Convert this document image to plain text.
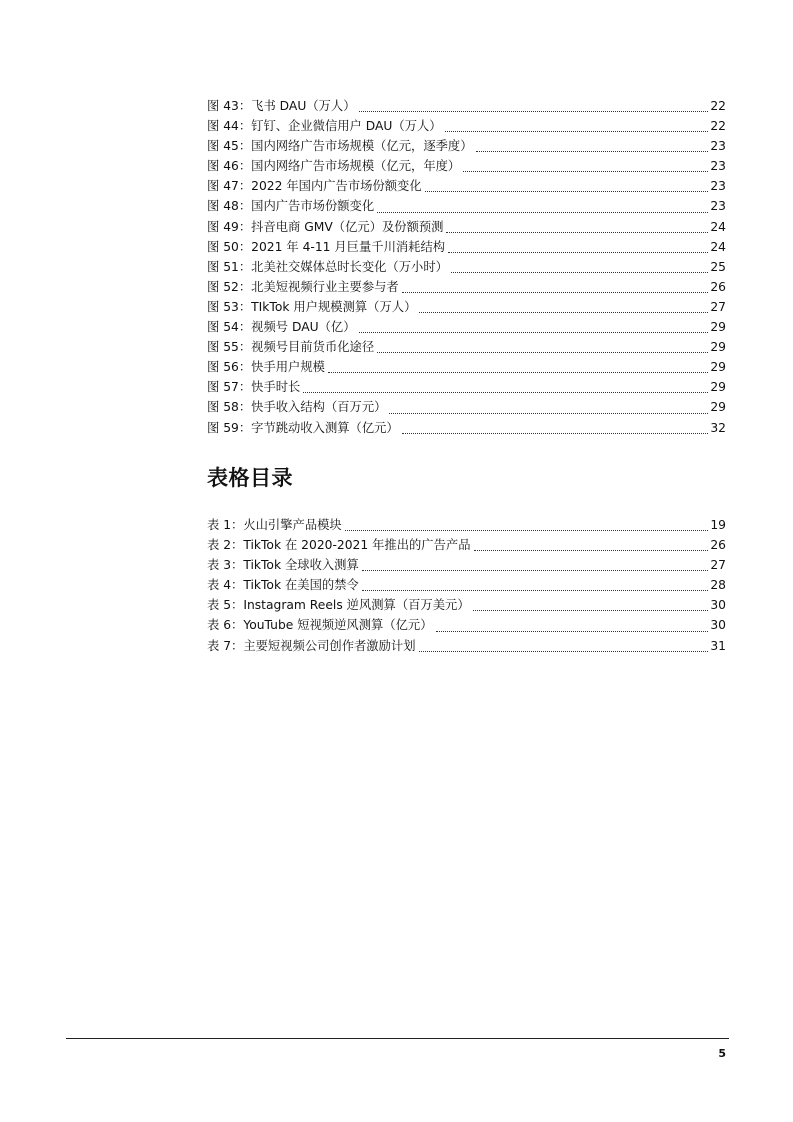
图 43： 飞书 DAU（万人）	22
图 44： 钉钉、企业微信用户 DAU（万人）	22
图 45： 国内网络广告市场规模（亿元，逐季度）	23
图 46： 国内网络广告市场规模（亿元，年度）	23
图 47： 2022 年国内广告市场份额变化	23
图 48： 国内广告市场份额变化	23
图 49： 抖音电商 GMV（亿元）及份额预测	24
图 50： 2021 年 4-11 月巨量千川消耗结构	24
图 51： 北美社交媒体总时长变化（万小时）	25
图 52： 北美短视频行业主要参与者	26
图 53： TIkTok 用户规模测算（万人）	27
图 54： 视频号 DAU（亿）	29
图 55： 视频号目前货币化途径	29
图 56： 快手用户规模	29
图 57： 快手时长	29
图 58： 快手收入结构（百万元）	29
图 59： 字节跳动收入测算（亿元）	32
表格目录
表 1： 火山引擎产品模块	19
表 2： TikTok 在 2020-2021 年推出的广告产品	26
表 3： TikTok 全球收入测算	27
表 4： TikTok 在美国的禁令	28
表 5： Instagram Reels 逆风测算（百万美元）	30
表 6： YouTube 短视频逆风测算（亿元）	30
表 7： 主要短视频公司创作者激励计划	31
5
